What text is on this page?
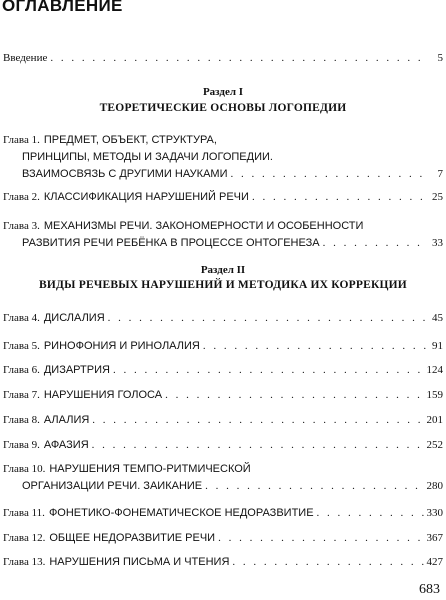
ОГЛАВЛЕНИЕ
Введение . . .	5
Раздел I
ТЕОРЕТИЧЕСКИЕ ОСНОВЫ ЛОГОПЕДИИ
Глава 1. ПРЕДМЕТ, ОБЪЕКТ, СТРУКТУРА,
ПРИНЦИПЫ, МЕТОДЫ И ЗАДАЧИ ЛОГОПЕДИИ.
ВЗАИМОСВЯЗЬ С ДРУГИМИ НАУКАМИ . . .	7
Глава 2. КЛАССИФИКАЦИЯ НАРУШЕНИЙ РЕЧИ . . .	25
Глава 3. МЕХАНИЗМЫ РЕЧИ. ЗАКОНОМЕРНОСТИ И ОСОБЕННОСТИ
РАЗВИТИЯ РЕЧИ РЕБЁНКА В ПРОЦЕССЕ ОНТОГЕНЕЗА . . .	33
Раздел II
ВИДЫ РЕЧЕВЫХ НАРУШЕНИЙ И МЕТОДИКА ИХ КОРРЕКЦИИ
Глава 4. ДИСЛАЛИЯ . . .	45
Глава 5. РИНОФОНИЯ И РИНОЛАЛИЯ . . .	91
Глава 6. ДИЗАРТРИЯ . . .	124
Глава 7. НАРУШЕНИЯ ГОЛОСА . . .	159
Глава 8. АЛАЛИЯ . . .	201
Глава 9. АФАЗИЯ . . .	252
Глава 10. НАРУШЕНИЯ ТЕМПО-РИТМИЧЕСКОЙ
ОРГАНИЗАЦИИ РЕЧИ. ЗАИКАНИЕ . . .	280
Глава 11. ФОНЕТИКО-ФОНЕМАТИЧЕСКОЕ НЕДОРАЗВИТИЕ . . .	330
Глава 12. ОБЩЕЕ НЕДОРАЗВИТИЕ РЕЧИ . . .	367
Глава 13. НАРУШЕНИЯ ПИСЬМА И ЧТЕНИЯ . . .	427
683
